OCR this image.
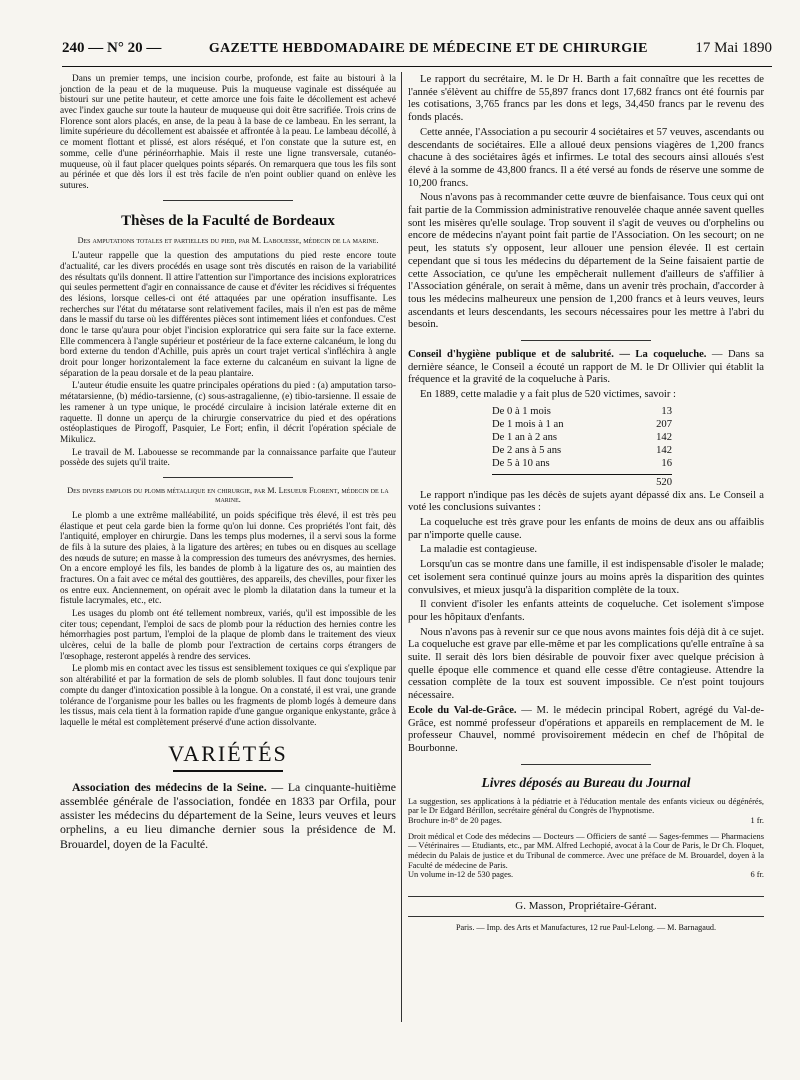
240 — N° 20 —	GAZETTE HEBDOMADAIRE DE MÉDECINE ET DE CHIRURGIE	17 Mai 1890

Dans un premier temps, une incision courbe, profonde, est faite au bistouri à la jonction de la peau et de la muqueuse. Puis la muqueuse vaginale est disséquée au bistouri sur une petite hauteur, et cette amorce une fois faite le décollement est achevé avec l'index gauche sur toute la hauteur de muqueuse qui doit être sacrifiée. Trois crins de Florence sont alors placés, en anse, de la peau à la base de ce lambeau. En les serrant, la limite supérieure du décollement est abaissée et affrontée à la peau. Le lambeau décollé, à ce moment flottant et plissé, est alors réséqué, et l'on constate que la suture est, en somme, celle d'une périnéorrhaphie. Mais il reste une ligne transversale, cutanéo-muqueuse, où il faut placer quelques points séparés. On remarquera que tous les fils sont au périnée et que dès lors il est très facile de n'en point oublier quand on enlève les sutures.

Thèses de la Faculté de Bordeaux

Des amputations totales et partielles du pied, par M. Labouesse, médecin de la marine.

L'auteur rappelle que la question des amputations du pied reste encore toute d'actualité, car les divers procédés en usage sont très discutés en raison de la variabilité des résultats qu'ils donnent. Il attire l'attention sur l'importance des incisions exploratrices qui seules permettent d'agir en connaissance de cause et d'éviter les récidives si fréquentes des lésions, lorsque celles-ci ont été attaquées par une opération insuffisante. Les recherches sur l'état du métatarse sont relativement faciles, mais il n'en est pas de même dans le massif du tarse où les différentes pièces sont intimement liées et confondues. C'est donc le tarse qu'aura pour objet l'incision exploratrice qui sera faite sur la face externe. Elle commencera à l'angle supérieur et postérieur de la face externe calcanéum, le long du bord externe du tendon d'Achille, puis après un court trajet vertical s'infléchira à angle droit pour longer horizontalement la face externe du calcanéum en suivant la ligne de séparation de la peau dorsale et de la peau plantaire.

L'auteur étudie ensuite les quatre principales opérations du pied : (a) amputation tarso-métatarsienne, (b) médio-tarsienne, (c) sous-astragalienne, (e) tibio-tarsienne. Il essaie de les ramener à un type unique, le procédé circulaire à incision latérale externe dit en raquette. Il donne un aperçu de la chirurgie conservatrice du pied et des opérations ostéoplastiques de Pirogoff, Pasquier, Le Fort; enfin, il décrit l'opération spéciale de Mikulicz.

Le travail de M. Labouesse se recommande par la connaissance parfaite que l'auteur possède des sujets qu'il traite.

Des divers emplois du plomb métallique en chirurgie, par M. Lesueur Florent, médecin de la marine.

Le plomb a une extrême malléabilité, un poids spécifique très élevé, il est très peu élastique et peut cela garde bien la forme qu'on lui donne. Ces propriétés l'ont fait, dès l'antiquité, employer en chirurgie. Dans les temps plus modernes, il a servi sous la forme de fils à la suture des plaies, à la ligature des artères; en tubes ou en disques au scellage des nœuds de suture; en masse à la compression des tumeurs des anévrysmes, des hernies. On a encore employé les fils, les bandes de plomb à la ligature des os, au maintien des fractures. On a fait avec ce métal des gouttières, des appareils, des chevilles, pour fixer les os entre eux. Anciennement, on opérait avec le plomb la dilatation dans la tumeur et la fistule lacrymales, etc., etc.

Les usages du plomb ont été tellement nombreux, variés, qu'il est impossible de les citer tous; cependant, l'emploi de sacs de plomb pour la réduction des hernies contre les hémorrhagies post partum, l'emploi de la plaque de plomb dans le traitement des vieux ulcères, celui de la balle de plomb pour l'extraction de certains corps étrangers de l'œsophage, resteront appelés à rendre des services.

Le plomb mis en contact avec les tissus est sensiblement toxiques ce qui s'explique par son altérabilité et par la formation de sels de plomb solubles. Il faut donc toujours tenir compte du danger d'intoxication possible à la longue. On a constaté, il est vrai, une grande tolérance de l'organisme pour les balles ou les fragments de plomb logés à demeure dans les tissus, mais cela tient à la formation rapide d'une gangue organique enkystante, grâce à laquelle le métal est complètement préservé d'une action dissolvante.

VARIÉTÉS

Association des médecins de la Seine. — La cinquante-huitième assemblée générale de l'association, fondée en 1833 par Orfila, pour assister les médecins du département de la Seine, leurs veuves et leurs orphelins, a eu lieu dimanche dernier sous la présidence de M. Brouardel, doyen de la Faculté.

Le rapport du secrétaire, M. le Dr H. Barth a fait connaître que les recettes de l'année s'élèvent au chiffre de 55,897 francs dont 17,682 francs ont été fournis par les cotisations, 3,765 francs par les dons et legs, 34,450 francs par le revenu des fonds placés.

Cette année, l'Association a pu secourir 4 sociétaires et 57 veuves, ascendants ou descendants de sociétaires. Elle a alloué deux pensions viagères de 1,200 francs chacune à des sociétaires âgés et infirmes. Le total des secours ainsi alloués s'est élevé à la somme de 43,800 francs. Il a été versé au fonds de réserve une somme de 10,200 francs.

Nous n'avons pas à recommander cette œuvre de bienfaisance. Tous ceux qui ont fait partie de la Commission administrative renouvelée chaque année savent quelles sont les misères qu'elle soulage. Trop souvent il s'agit de veuves ou d'orphelins ou encore de médecins n'ayant point fait partie de l'Association. On les secourt; on ne peut, les statuts s'y opposent, leur allouer une pension élevée. Il est certain cependant que si tous les médecins du département de la Seine faisaient partie de cette Association, ce qu'une les empêcherait nullement d'ailleurs de s'affilier à l'Association générale, on serait à même, dans un avenir très prochain, d'accorder à tous les médecins malheureux une pension de 1,200 francs et à leurs veuves, leurs ascendants et leurs descendants, les secours nécessaires pour les mettre à l'abri du besoin.

Conseil d'hygiène publique et de salubrité. — La coqueluche. — Dans sa dernière séance, le Conseil a écouté un rapport de M. le Dr Ollivier qui établit la fréquence et la gravité de la coqueluche à Paris.

En 1889, cette maladie y a fait plus de 520 victimes, savoir :

De 0 à 1 mois	13
De 1 mois à 1 an	207
De 1 an à 2 ans	142
De 2 ans à 5 ans	142
De 5 à 10 ans	16
520

Le rapport n'indique pas les décès de sujets ayant dépassé dix ans. Le Conseil a voté les conclusions suivantes :

La coqueluche est très grave pour les enfants de moins de deux ans ou affaiblis par n'importe quelle cause.

La maladie est contagieuse.

Lorsqu'un cas se montre dans une famille, il est indispensable d'isoler le malade; cet isolement sera continué quinze jours au moins après la disparition des quintes convulsives, et mieux jusqu'à la disparition complète de la toux.

Il convient d'isoler les enfants atteints de coqueluche. Cet isolement s'impose pour les hôpitaux d'enfants.

Nous n'avons pas à revenir sur ce que nous avons maintes fois déjà dit à ce sujet. La coqueluche est grave par elle-même et par les complications qu'elle entraîne à sa suite. Il serait dès lors bien désirable de pouvoir fixer avec quelque précision à quelle époque elle commence et quand elle cesse d'être contagieuse. Attendre la cessation complète de la toux est souvent impossible. Ce n'est point toujours nécessaire.

Ecole du Val-de-Grâce. — M. le médecin principal Robert, agrégé du Val-de-Grâce, est nommé professeur d'opérations et appareils en remplacement de M. le professeur Chauvel, nommé provisoirement médecin en chef de l'hôpital de Bourbonne.

Livres déposés au Bureau du Journal
La suggestion, ses applications à la pédiatrie et à l'éducation mentale des enfants vicieux ou dégénérés, par le Dr Edgard Bérillon, secrétaire général du Congrès de l'hypnotisme.
Brochure in-8° de 20 pages.	1 fr.
Droit médical et Code des médecins — Docteurs — Officiers de santé — Sages-femmes — Pharmaciens — Vétérinaires — Etudiants, etc., par MM. Alfred Lechopié, avocat à la Cour de Paris, le Dr Ch. Floquet, médecin du Palais de justice et du Tribunal de commerce. Avec une préface de M. Brouardel, doyen à la Faculté de médecine de Paris.
Un volume in-12 de 530 pages.	6 fr.
G. Masson, Propriétaire-Gérant.

Paris. — Imp. des Arts et Manufactures, 12 rue Paul-Lelong. — M. Barnagaud.
